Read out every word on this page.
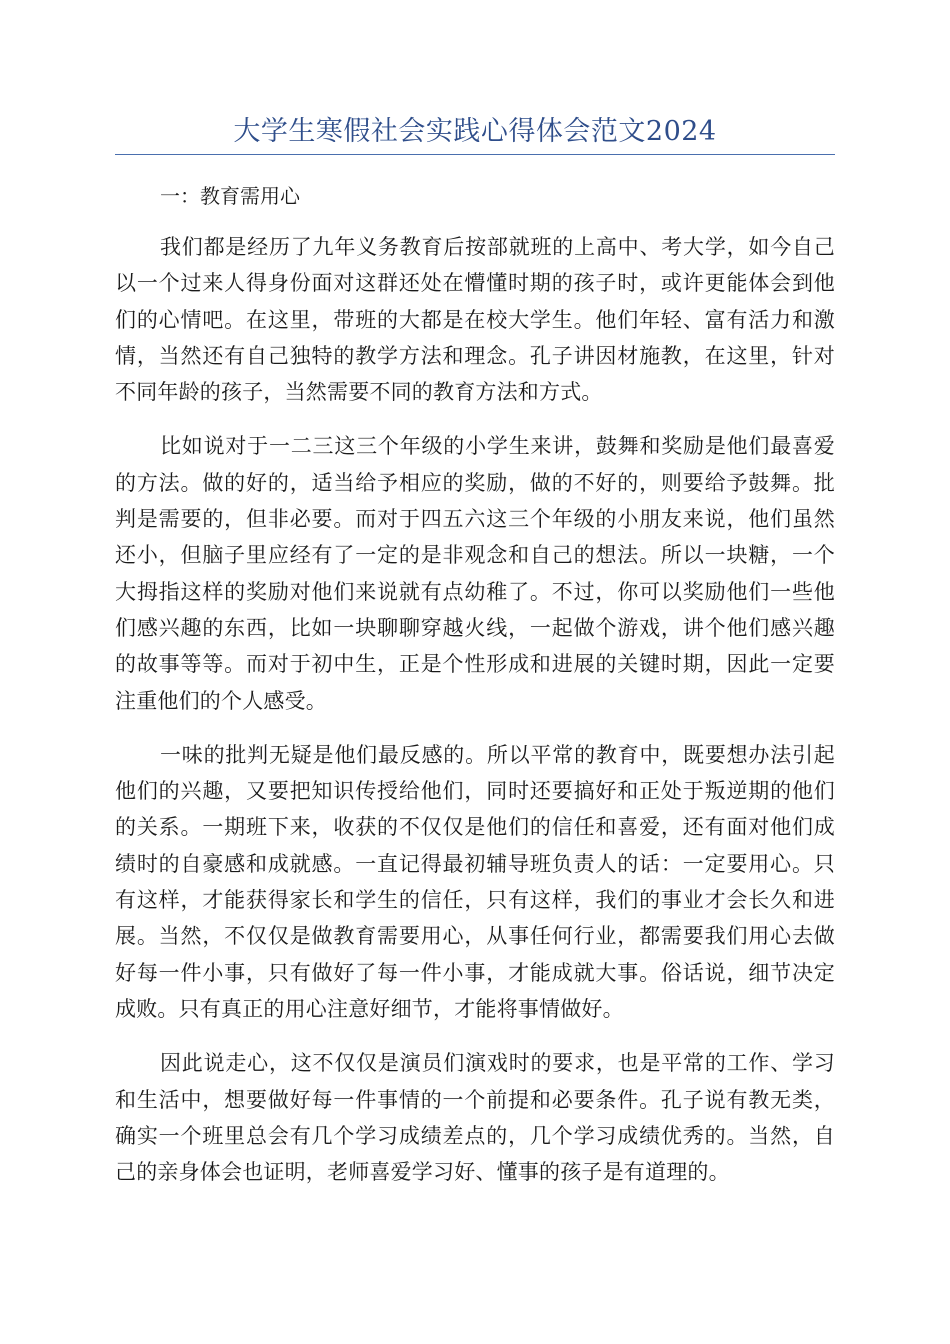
大学生寒假社会实践心得体会范文2024
一：教育需用心

我们都是经历了九年义务教育后按部就班的上高中、考大学，如今自己以一个过来人得身份面对这群还处在懵懂时期的孩子时，或许更能体会到他们的心情吧。在这里，带班的大都是在校大学生。他们年轻、富有活力和激情，当然还有自己独特的教学方法和理念。孔子讲因材施教，在这里，针对不同年龄的孩子，当然需要不同的教育方法和方式。

比如说对于一二三这三个年级的小学生来讲，鼓舞和奖励是他们最喜爱的方法。做的好的，适当给予相应的奖励，做的不好的，则要给予鼓舞。批判是需要的，但非必要。而对于四五六这三个年级的小朋友来说，他们虽然还小，但脑子里应经有了一定的是非观念和自己的想法。所以一块糖，一个大拇指这样的奖励对他们来说就有点幼稚了。不过，你可以奖励他们一些他们感兴趣的东西，比如一块聊聊穿越火线，一起做个游戏，讲个他们感兴趣的故事等等。而对于初中生，正是个性形成和进展的关键时期，因此一定要注重他们的个人感受。

一味的批判无疑是他们最反感的。所以平常的教育中，既要想办法引起他们的兴趣，又要把知识传授给他们，同时还要搞好和正处于叛逆期的他们的关系。一期班下来，收获的不仅仅是他们的信任和喜爱，还有面对他们成绩时的自豪感和成就感。一直记得最初辅导班负责人的话：一定要用心。只有这样，才能获得家长和学生的信任，只有这样，我们的事业才会长久和进展。当然，不仅仅是做教育需要用心，从事任何行业，都需要我们用心去做好每一件小事，只有做好了每一件小事，才能成就大事。俗话说，细节决定成败。只有真正的用心注意好细节，才能将事情做好。

因此说走心，这不仅仅是演员们演戏时的要求，也是平常的工作、学习和生活中，想要做好每一件事情的一个前提和必要条件。孔子说有教无类，确实一个班里总会有几个学习成绩差点的，几个学习成绩优秀的。当然，自己的亲身体会也证明，老师喜爱学习好、懂事的孩子是有道理的。
